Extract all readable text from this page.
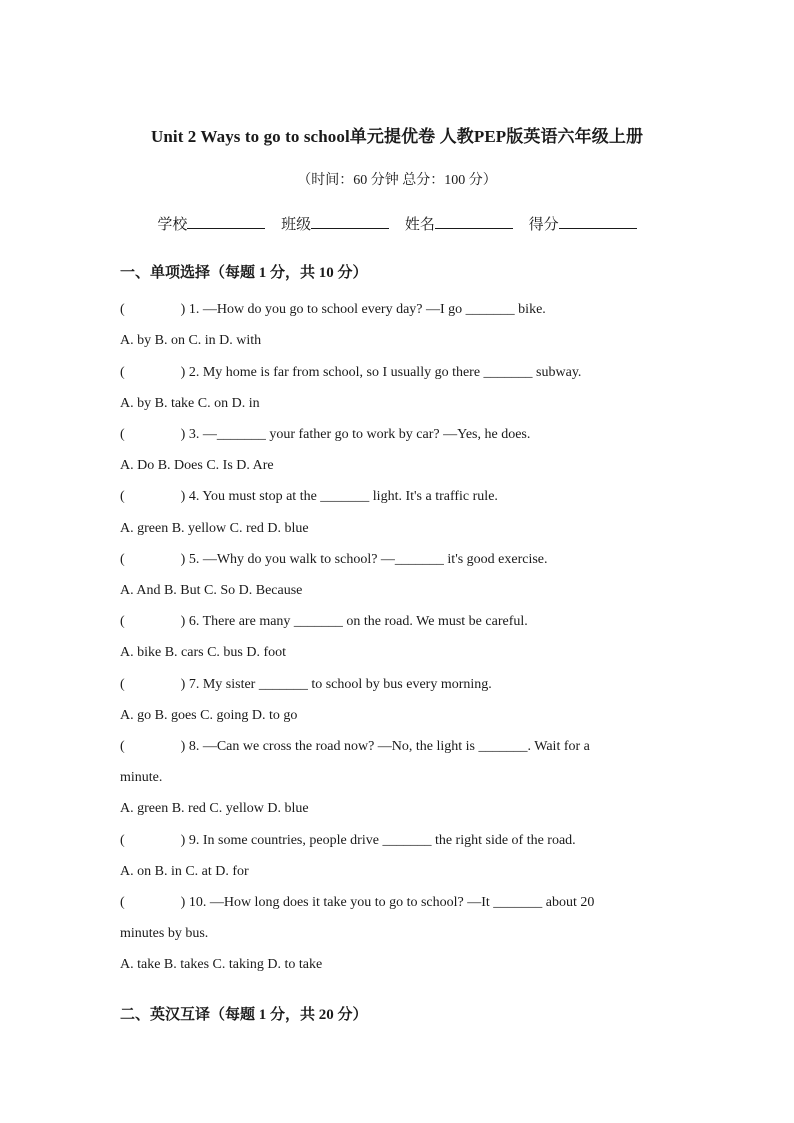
Unit 2 Ways to go to school单元提优卷 人教PEP版英语六年级上册
（时间：60 分钟 总分：100 分）
学校	班级	姓名	得分
一、单项选择（每题 1 分，共 10 分）
(	) 1. —How do you go to school every day? —I go _______ bike.
A. by B. on C. in D. with
(	) 2. My home is far from school, so I usually go there _______ subway.
A. by B. take C. on D. in
(	) 3. —_______ your father go to work by car? —Yes, he does.
A. Do B. Does C. Is D. Are
(	) 4. You must stop at the _______ light. It's a traffic rule.
A. green B. yellow C. red D. blue
(	) 5. —Why do you walk to school? —_______ it's good exercise.
A. And B. But C. So D. Because
(	) 6. There are many _______ on the road. We must be careful.
A. bike B. cars C. bus D. foot
(	) 7. My sister _______ to school by bus every morning.
A. go B. goes C. going D. to go
(	) 8. —Can we cross the road now? —No, the light is _______. Wait for a
minute.
A. green B. red C. yellow D. blue
(	) 9. In some countries, people drive _______ the right side of the road.
A. on B. in C. at D. for
(	) 10. —How long does it take you to go to school? —It _______ about 20
minutes by bus.
A. take B. takes C. taking D. to take
二、英汉互译（每题 1 分，共 20 分）
